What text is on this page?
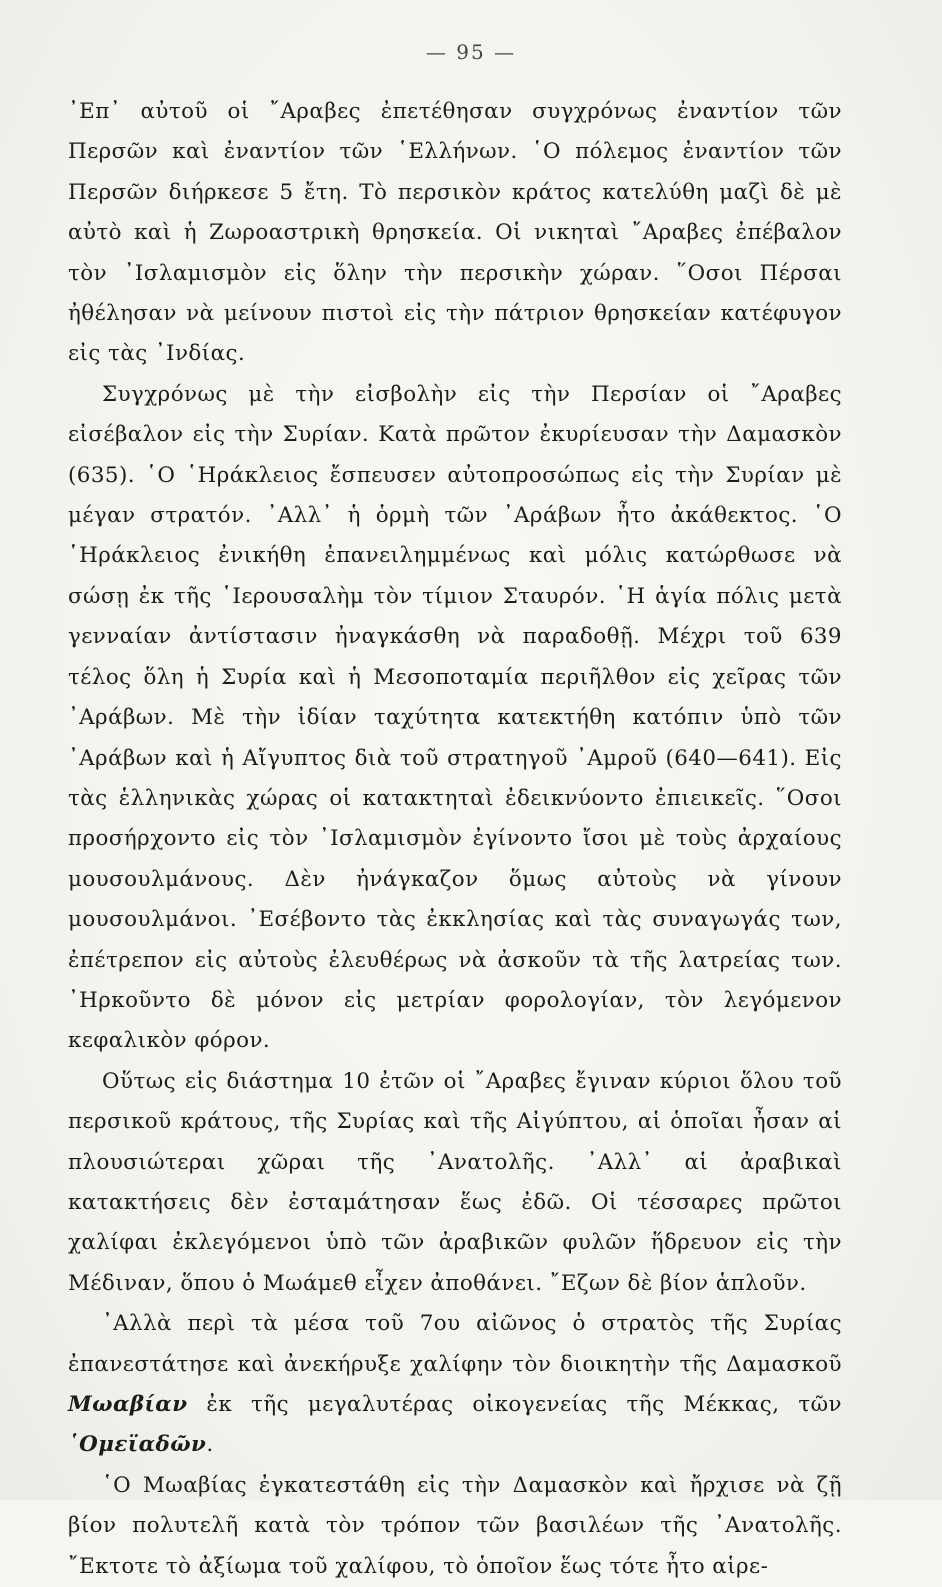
— 95 —

᾿Επ᾿ αὐτοῦ οἱ ῎Αραβες ἐπετέθησαν συγχρόνως ἐναντίον τῶν Περσῶν καὶ ἐναντίον τῶν ῾Ελλήνων. ῾Ο πόλεμος ἐναντίον τῶν Περσῶν διήρκεσε 5 ἔτη. Τὸ περσικὸν κράτος κατελύθη μαζὶ δὲ μὲ αὐτὸ καὶ ἡ Ζωροαστρικὴ θρησκεία. Οἱ νικηταὶ ῎Αραβες ἐπέβαλον τὸν ᾿Ισλαμισμὸν εἰς ὅλην τὴν περσικὴν χώραν. ῞Οσοι Πέρσαι ἠθέλησαν νὰ μείνουν πιστοὶ εἰς τὴν πάτριον θρησκείαν κατέφυγον εἰς τὰς ᾿Ινδίας.

Συγχρόνως μὲ τὴν εἰσβολὴν εἰς τὴν Περσίαν οἱ ῎Αραβες εἰσέβαλον εἰς τὴν Συρίαν. Κατὰ πρῶτον ἐκυρίευσαν τὴν Δαμασκὸν (635). ῾Ο ῾Ηράκλειος ἔσπευσεν αὐτοπροσώπως εἰς τὴν Συρίαν μὲ μέγαν στρατόν. ᾿Αλλ᾿ ἡ ὁρμὴ τῶν ᾿Αράβων ἦτο ἀκάθεκτος. ῾Ο ῾Ηράκλειος ἐνικήθη ἐπανειλημμένως καὶ μόλις κατώρθωσε νὰ σώσῃ ἐκ τῆς ῾Ιερουσαλὴμ τὸν τίμιον Σταυρόν. ῾Η ἁγία πόλις μετὰ γενναίαν ἀντίστασιν ἠναγκάσθη νὰ παραδοθῇ. Μέχρι τοῦ 639 τέλος ὅλη ἡ Συρία καὶ ἡ Μεσοποταμία περιῆλθον εἰς χεῖρας τῶν ᾿Αράβων. Μὲ τὴν ἰδίαν ταχύτητα κατεκτήθη κατόπιν ὑπὸ τῶν ᾿Αράβων καὶ ἡ Αἴγυπτος διὰ τοῦ στρατηγοῦ ᾿Αμροῦ (640—641). Εἰς τὰς ἑλληνικὰς χώρας οἱ κατακτηταὶ ἐδεικνύοντο ἐπιεικεῖς. ῞Οσοι προσήρχοντο εἰς τὸν ᾿Ισλαμισμὸν ἐγίνοντο ἴσοι μὲ τοὺς ἀρχαίους μουσουλμάνους. Δὲν ἠνάγκαζον ὅμως αὐτοὺς νὰ γίνουν μουσουλμάνοι. ᾿Εσέβοντο τὰς ἐκκλησίας καὶ τὰς συναγωγάς των, ἐπέτρεπον εἰς αὐτοὺς ἐλευθέρως νὰ ἀσκοῦν τὰ τῆς λατρείας των. ᾿Ηρκοῦντο δὲ μόνον εἰς μετρίαν φορολογίαν, τὸν λεγόμενον κεφαλικὸν φόρον.

Οὕτως εἰς διάστημα 10 ἐτῶν οἱ ῎Αραβες ἔγιναν κύριοι ὅλου τοῦ περσικοῦ κράτους, τῆς Συρίας καὶ τῆς Αἰγύπτου, αἱ ὁποῖαι ἦσαν αἱ πλουσιώτεραι χῶραι τῆς ᾿Ανατολῆς. ᾿Αλλ᾿ αἱ ἀραβικαὶ κατακτήσεις δὲν ἐσταμάτησαν ἕως ἐδῶ. Οἱ τέσσαρες πρῶτοι χαλίφαι ἐκλεγόμενοι ὑπὸ τῶν ἀραβικῶν φυλῶν ἥδρευον εἰς τὴν Μέδιναν, ὅπου ὁ Μωάμεθ εἶχεν ἀποθάνει. ῎Εζων δὲ βίον ἁπλοῦν.

᾿Αλλὰ περὶ τὰ μέσα τοῦ 7ου αἰῶνος ὁ στρατὸς τῆς Συρίας ἐπανεστάτησε καὶ ἀνεκήρυξε χαλίφην τὸν διοικητὴν τῆς Δαμασκοῦ Μωαβίαν ἐκ τῆς μεγαλυτέρας οἰκογενείας τῆς Μέκκας, τῶν ῾Ομεϊαδῶν.

῾Ο Μωαβίας ἐγκατεστάθη εἰς τὴν Δαμασκὸν καὶ ἤρχισε νὰ ζῇ βίον πολυτελῆ κατὰ τὸν τρόπον τῶν βασιλέων τῆς ᾿Ανατολῆς. ῎Εκτοτε τὸ ἀξίωμα τοῦ χαλίφου, τὸ ὁποῖον ἕως τότε ἦτο αἱρε-
